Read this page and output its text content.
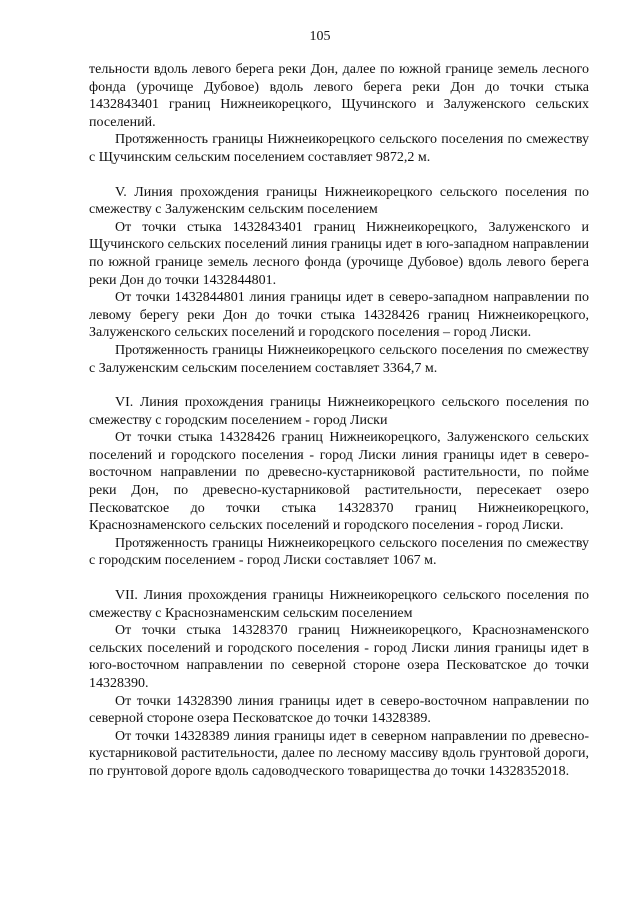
105

тельности вдоль левого берега реки Дон, далее по южной границе земель лесного фонда (урочище Дубовое) вдоль левого берега реки Дон до точки стыка 1432843401 границ Нижнеикорецкого, Щучинского и Залуженского сельских поселений.

Протяженность границы Нижнеикорецкого сельского поселения по смежеству с Щучинским сельским поселением составляет 9872,2 м.

V. Линия прохождения границы Нижнеикорецкого сельского поселения по смежеству с Залуженским сельским поселением

От точки стыка 1432843401 границ Нижнеикорецкого, Залуженского и Щучинского сельских поселений линия границы идет в юго-западном направлении по южной границе земель лесного фонда (урочище Дубовое) вдоль левого берега реки Дон до точки 1432844801.

От точки 1432844801 линия границы идет в северо-западном направлении по левому берегу реки Дон до точки стыка 14328426 границ Нижнеикорецкого, Залуженского сельских поселений и городского поселения – город Лиски.

Протяженность границы Нижнеикорецкого сельского поселения по смежеству с Залуженским сельским поселением составляет 3364,7 м.

VI. Линия прохождения границы Нижнеикорецкого сельского поселения по смежеству с городским поселением - город Лиски

От точки стыка 14328426 границ Нижнеикорецкого, Залуженского сельских поселений и городского поселения - город Лиски линия границы идет в северо-восточном направлении по древесно-кустарниковой растительности, по пойме реки Дон, по древесно-кустарниковой растительности, пересекает озеро Песковатское до точки стыка 14328370 границ Нижнеикорецкого, Краснознаменского сельских поселений и городского поселения - город Лиски.

Протяженность границы Нижнеикорецкого сельского поселения по смежеству с городским поселением - город Лиски составляет 1067 м.

VII. Линия прохождения границы Нижнеикорецкого сельского поселения по смежеству с Краснознаменским сельским поселением

От точки стыка 14328370 границ Нижнеикорецкого, Краснознаменского сельских поселений и городского поселения - город Лиски линия границы идет в юго-восточном направлении по северной стороне озера Песковатское до точки 14328390.

От точки 14328390 линия границы идет в северо-восточном направлении по северной стороне озера Песковатское до точки 14328389.

От точки 14328389 линия границы идет в северном направлении по древесно-кустарниковой растительности, далее по лесному массиву вдоль грунтовой дороги, по грунтовой дороге вдоль садоводческого товарищества до точки 14328352018.
